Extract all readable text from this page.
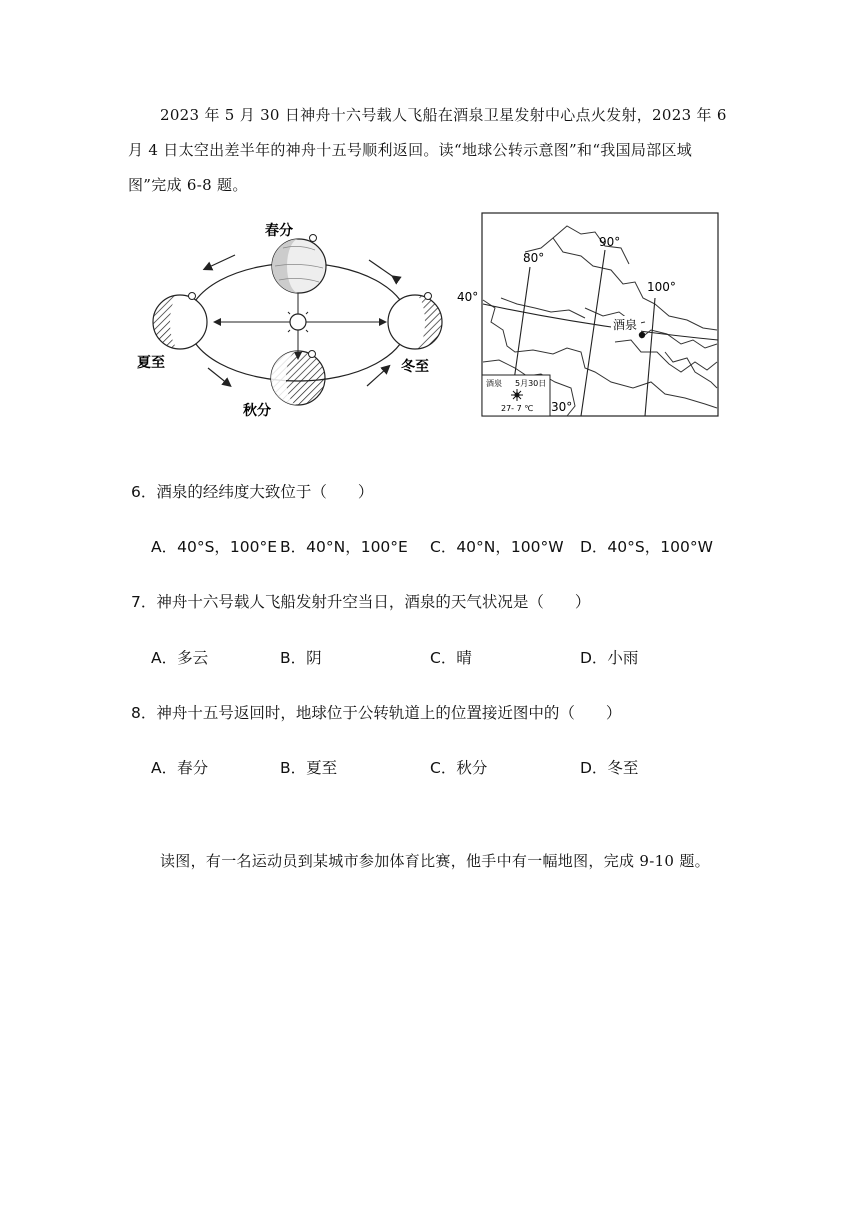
2023 年 5 月 30 日神舟十六号载人飞船在酒泉卫星发射中心点火发射，2023 年 6 月 4 日太空出差半年的神舟十五号顺利返回。读“地球公转示意图”和“我国局部区域图”完成 6-8 题。
春分
夏至	冬至
秋分
80°
90°
100°
40°
30°
酒泉
酒泉 5月30日
27- 7 ℃
6．酒泉的经纬度大致位于（　　）
A．40°S，100°E B．40°N，100°E C．40°N，100°W D．40°S，100°W
7．神舟十六号载人飞船发射升空当日，酒泉的天气状况是（　　）
A．多云	B．阴	C．晴	D．小雨
8．神舟十五号返回时，地球位于公转轨道上的位置接近图中的（　　）
A．春分	B．夏至	C．秋分	D．冬至
读图，有一名运动员到某城市参加体育比赛，他手中有一幅地图，完成 9-10 题。
